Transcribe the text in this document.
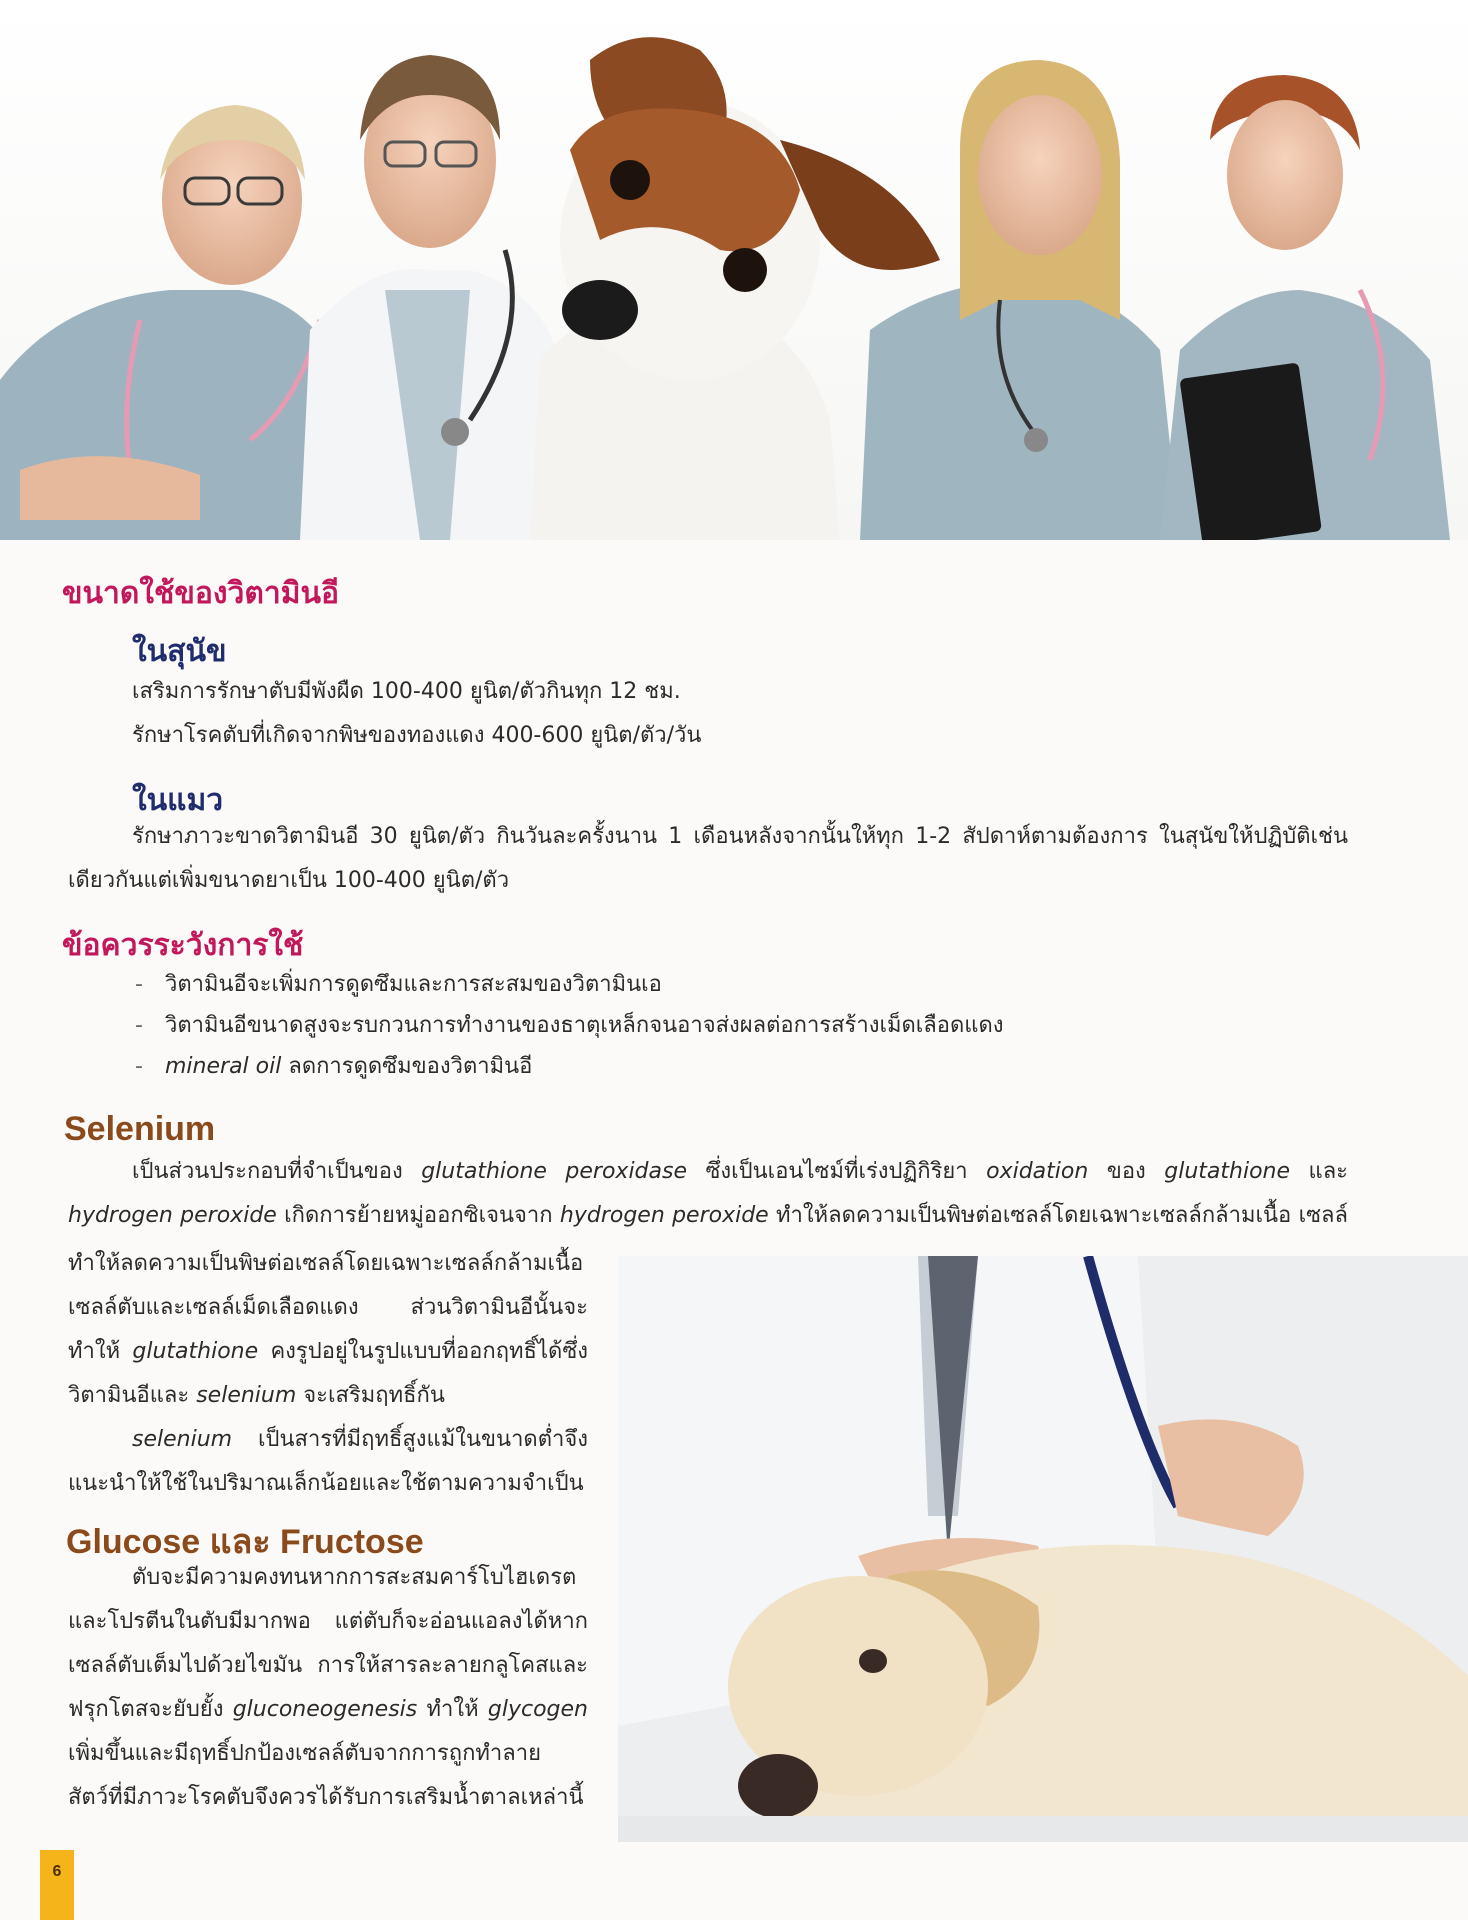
ขนาดใช้ของวิตามินอี
ในสุนัข

เสริมการรักษาตับมีพังผืด 100-400 ยูนิต/ตัวกินทุก 12 ชม.

รักษาโรคตับที่เกิดจากพิษของทองแดง 400-600 ยูนิต/ตัว/วัน

ในแมว

รักษาภาวะขาดวิตามินอี 30 ยูนิต/ตัว กินวันละครั้งนาน 1 เดือนหลังจากนั้นให้ทุก 1-2 สัปดาห์ตามต้องการ ในสุนัขให้ปฏิบัติเช่นเดียวกันแต่เพิ่มขนาดยาเป็น 100-400 ยูนิต/ตัว

ข้อควรระวังการใช้
- วิตามินอีจะเพิ่มการดูดซึมและการสะสมของวิตามินเอ
- วิตามินอีขนาดสูงจะรบกวนการทำงานของธาตุเหล็กจนอาจส่งผลต่อการสร้างเม็ดเลือดแดง
- mineral oil ลดการดูดซึมของวิตามินอี
Selenium

เป็นส่วนประกอบที่จำเป็นของ glutathione peroxidase ซึ่งเป็นเอนไซม์ที่เร่งปฏิกิริยา oxidation ของ glutathione และ hydrogen peroxide เกิดการย้ายหมู่ออกซิเจนจาก hydrogen peroxide ทำให้ลดความเป็นพิษต่อเซลล์โดยเฉพาะเซลล์กล้ามเนื้อ เซลล์

ทำให้ลดความเป็นพิษต่อเซลล์โดยเฉพาะเซลล์กล้ามเนื้อ เซลล์ตับและเซลล์เม็ดเลือดแดง ส่วนวิตามินอีนั้นจะทำให้ glutathione คงรูปอยู่ในรูปแบบที่ออกฤทธิ์ได้ซึ่งวิตามินอีและ selenium จะเสริมฤทธิ์กัน

selenium เป็นสารที่มีฤทธิ์สูงแม้ในขนาดต่ำจึงแนะนำให้ใช้ในปริมาณเล็กน้อยและใช้ตามความจำเป็น

Glucose และ Fructose

ตับจะมีความคงทนหากการสะสมคาร์โบไฮเดรตและโปรตีนในตับมีมากพอ แต่ตับก็จะอ่อนแอลงได้หากเซลล์ตับเต็มไปด้วยไขมัน การให้สารละลายกลูโคสและฟรุกโตสจะยับยั้ง gluconeogenesis ทำให้ glycogen เพิ่มขึ้นและมีฤทธิ์ปกป้องเซลล์ตับจากการถูกทำลาย สัตว์ที่มีภาวะโรคตับจึงควรได้รับการเสริมน้ำตาลเหล่านี้

6
